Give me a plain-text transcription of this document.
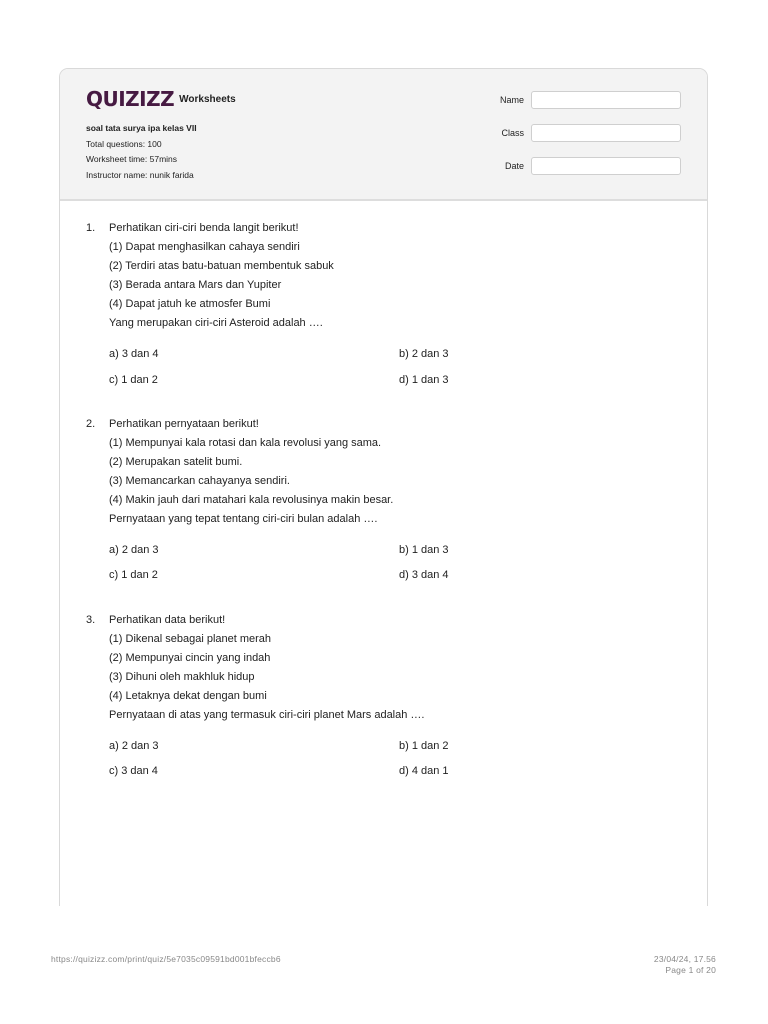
QUIZIZZ Worksheets
soal tata surya ipa kelas VII
Total questions: 100
Worksheet time: 57mins
Instructor name: nunik farida
Name
Class
Date
1. Perhatikan ciri-ciri benda langit berikut!
(1) Dapat menghasilkan cahaya sendiri
(2) Terdiri atas batu-batuan membentuk sabuk
(3) Berada antara Mars dan Yupiter
(4) Dapat jatuh ke atmosfer Bumi
Yang merupakan ciri-ciri Asteroid adalah ….
a) 3 dan 4	b) 2 dan 3
c) 1 dan 2	d) 1 dan 3
2. Perhatikan pernyataan berikut!
(1) Mempunyai kala rotasi dan kala revolusi yang sama.
(2) Merupakan satelit bumi.
(3) Memancarkan cahayanya sendiri.
(4) Makin jauh dari matahari kala revolusinya makin besar.
Pernyataan yang tepat tentang ciri-ciri bulan adalah ….
a) 2 dan 3	b) 1 dan 3
c) 1 dan 2	d) 3 dan 4
3. Perhatikan data berikut!
(1) Dikenal sebagai planet merah
(2) Mempunyai cincin yang indah
(3) Dihuni oleh makhluk hidup
(4) Letaknya dekat dengan bumi
Pernyataan di atas yang termasuk ciri-ciri planet Mars adalah ….
a) 2 dan 3	b) 1 dan 2
c) 3 dan 4	d) 4 dan 1
https://quizizz.com/print/quiz/5e7035c09591bd001bfeccb6	23/04/24, 17.56
Page 1 of 20
